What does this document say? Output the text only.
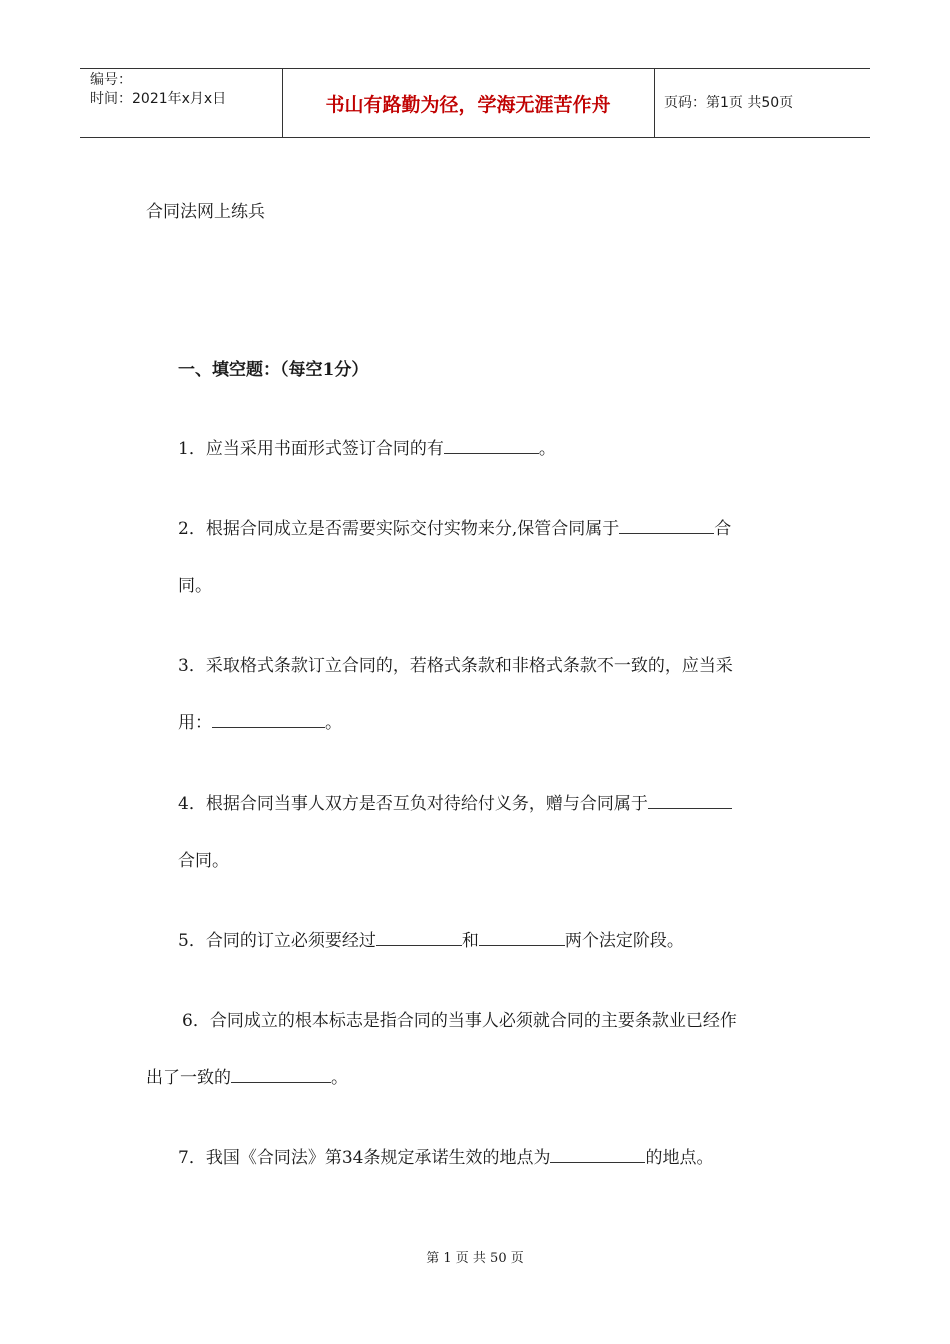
编号：
时间：2021年x月x日	书山有路勤为径，学海无涯苦作舟	页码：第1页 共50页
合同法网上练兵
一、填空题：（每空1分）
1．应当采用书面形式签订合同的有	。
2．根据合同成立是否需要实际交付实物来分,保管合同属于	合
同。
3．采取格式条款订立合同的，若格式条款和非格式条款不一致的，应当采
用：	。
4．根据合同当事人双方是否互负对待给付义务，赠与合同属于
合同。
5．合同的订立必须要经过	和	两个法定阶段。
6．合同成立的根本标志是指合同的当事人必须就合同的主要条款业已经作
出了一致的	。
7．我国《合同法》第34条规定承诺生效的地点为	的地点。
第 1 页 共 50 页
